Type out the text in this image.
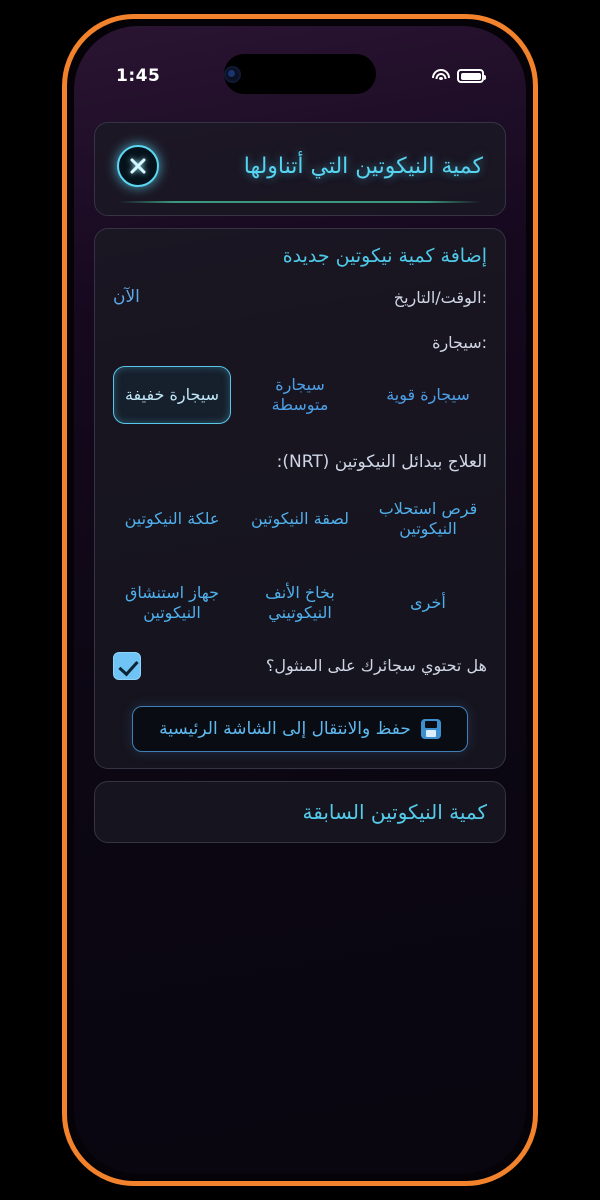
1:45
كمية النيكوتين التي أتناولها
إضافة كمية نيكوتين جديدة
:الوقت/التاريخ
الآن
:سيجارة
سيجارة قوية
سيجارة متوسطة
سيجارة خفيفة
العلاج ببدائل النيكوتين (NRT):
قرص استحلاب النيكوتين
لصقة النيكوتين
علكة النيكوتين
أخرى
بخاخ الأنف النيكوتيني
جهاز استنشاق النيكوتين
هل تحتوي سجائرك على المنثول؟
حفظ والانتقال إلى الشاشة الرئيسية
كمية النيكوتين السابقة
